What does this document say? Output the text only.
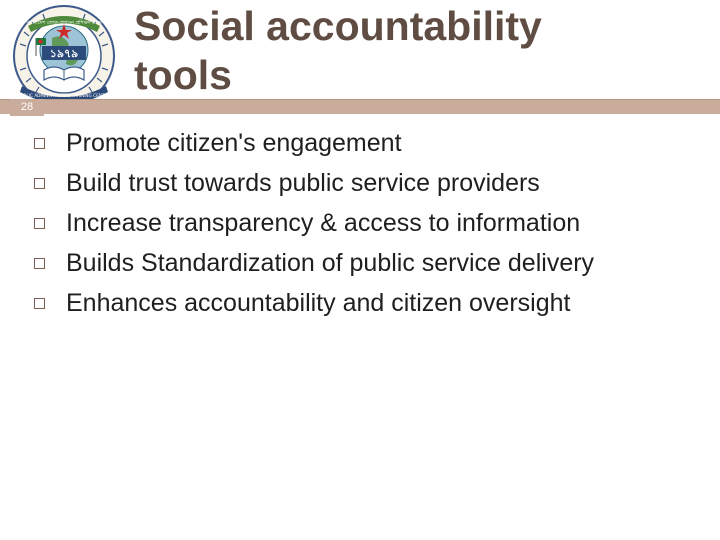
১৯৭৯
বাংলাদেশ লোক-প্রশাসন প্রশিক্ষণ কেন্দ্র
PUBLIC ADMINISTRATION TRAINING CENTRE
Social accountability
tools
28
Promote citizen's engagement
Build trust towards public service providers
Increase transparency & access to information
Builds Standardization of public service delivery
Enhances accountability and citizen oversight
